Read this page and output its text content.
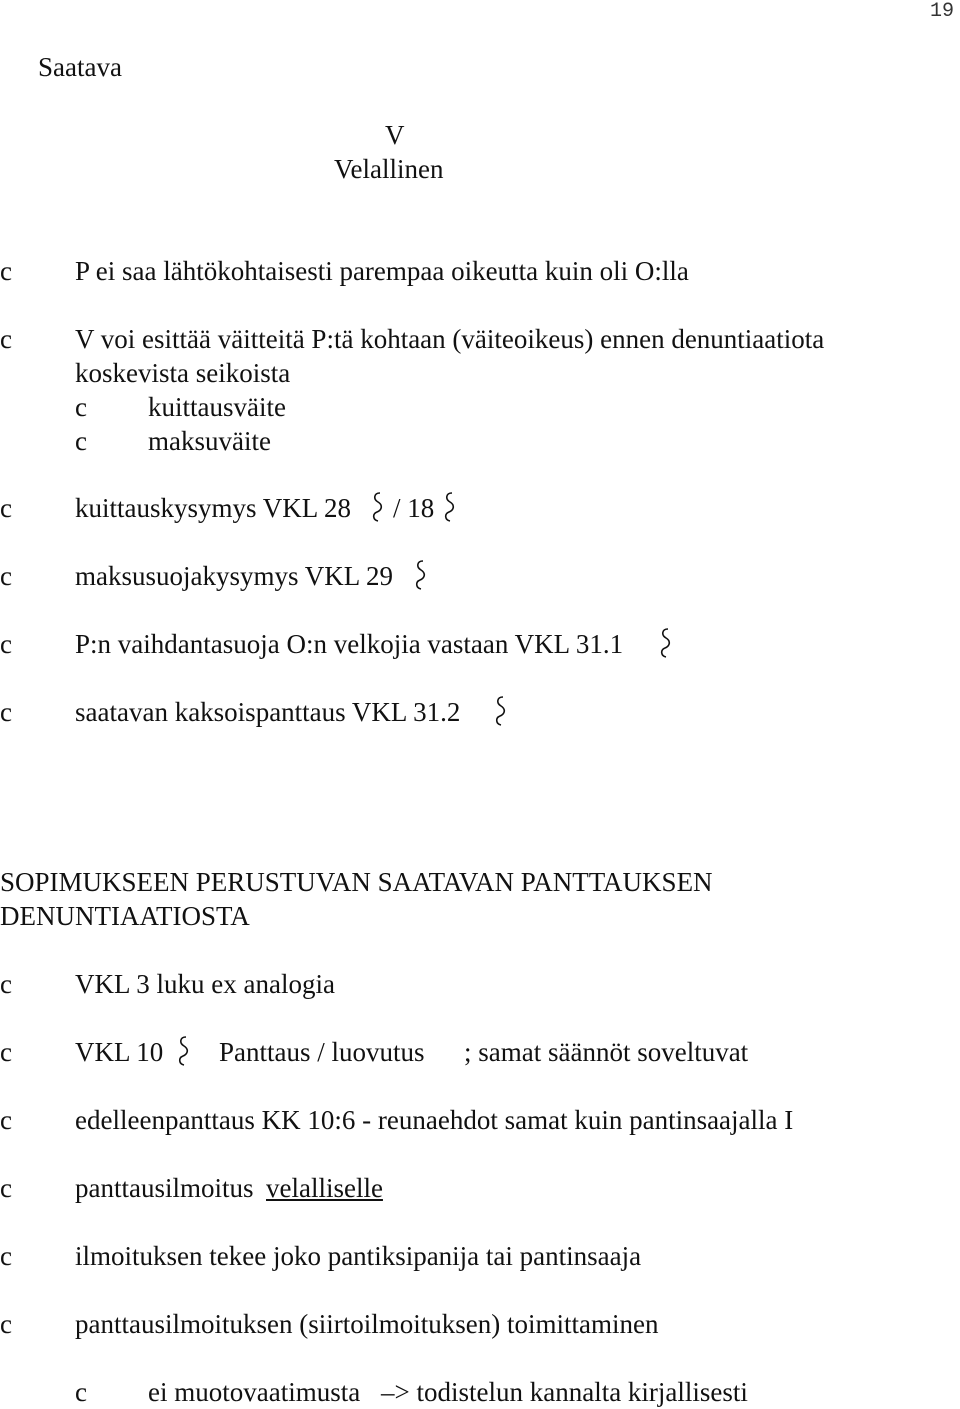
19
Saatava
V
Velallinen
c P ei saa lähtökohtaisesti parempaa oikeutta kuin oli O:lla
c V voi esittää väitteitä P:tä kohtaan (väiteoikeus) ennen denuntiaatiota
koskevista seikoista
c kuittausväite
c maksuväite
c kuittauskysymys VKL 28 / 18
c maksusuojakysymys VKL 29
c P:n vaihdantasuoja O:n velkojia vastaan VKL 31.1
c saatavan kaksoispanttaus VKL 31.2
SOPIMUKSEEN PERUSTUVAN SAATAVAN PANTTAUKSEN
DENUNTIAATIOSTA
c VKL 3 luku ex analogia
c VKL 10 Panttaus / luovutus ; samat säännöt soveltuvat
c edelleenpanttaus KK 10:6 - reunaehdot samat kuin pantinsaajalla I
c panttausilmoitus velalliselle
c ilmoituksen tekee joko pantiksipanija tai pantinsaaja
c panttausilmoituksen (siirtoilmoituksen) toimittaminen
c ei muotovaatimusta –> todistelun kannalta kirjallisesti
